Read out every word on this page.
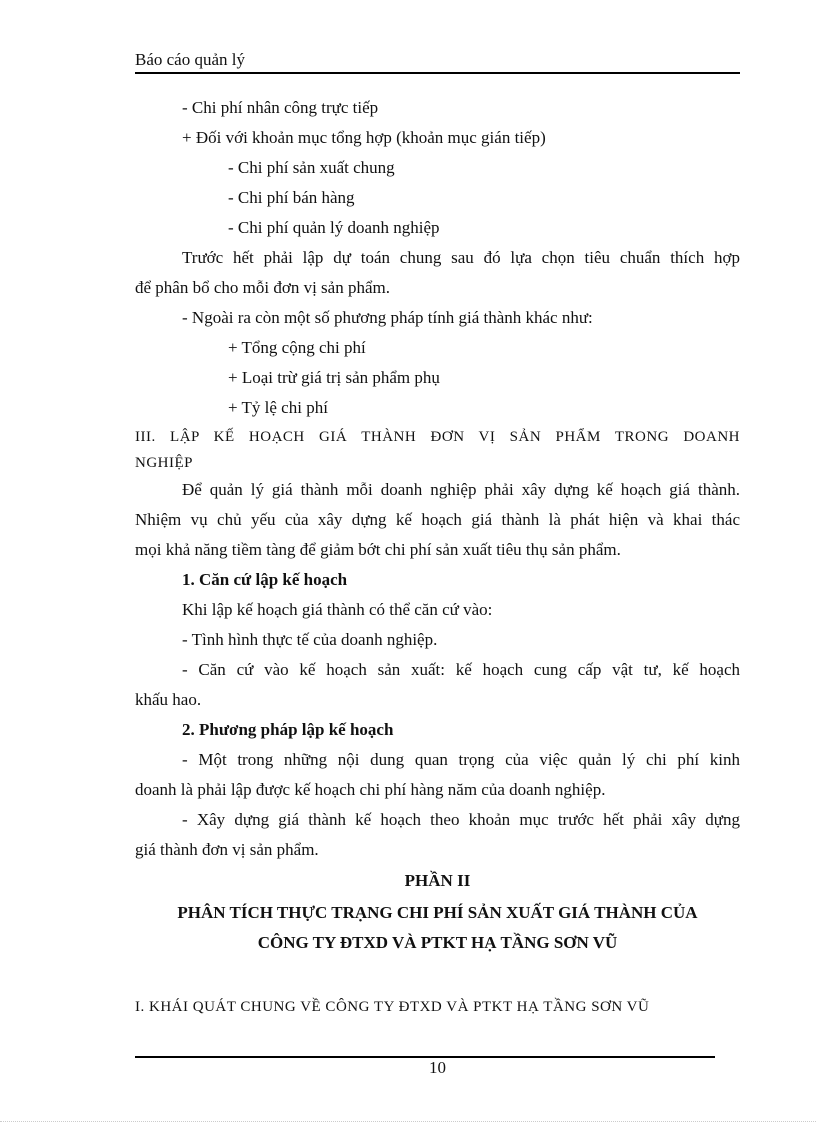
Báo cáo quản lý
- Chi phí nhân công trực tiếp
+ Đối với khoản mục tổng hợp (khoản mục gián tiếp)
- Chi phí sản xuất chung
- Chi phí bán hàng
- Chi phí quản lý doanh nghiệp
Trước hết phải lập dự toán chung sau đó lựa chọn tiêu chuẩn thích hợp
để phân bổ cho mỗi đơn vị sản phẩm.
- Ngoài ra còn một số phương pháp tính giá thành khác như:
+ Tổng cộng chi phí
+ Loại trừ giá trị sản phẩm phụ
+ Tỷ lệ chi phí
III. LẬP KẾ HOẠCH GIÁ THÀNH ĐƠN VỊ SẢN PHẨM TRONG DOANH
NGHIỆP
Để quản lý giá thành mỗi doanh nghiệp phải xây dựng kế hoạch giá thành.
Nhiệm vụ chủ yếu của xây dựng kế hoạch giá thành là phát hiện và khai thác
mọi khả năng tiềm tàng để giảm bớt chi phí sản xuất tiêu thụ sản phẩm.
1. Căn cứ lập kế hoạch
Khi lập kế hoạch giá thành có thể căn cứ vào:
- Tình hình thực tế của doanh nghiệp.
- Căn cứ vào kế hoạch sản xuất: kế hoạch cung cấp vật tư, kế hoạch
khấu hao.
2. Phương pháp lập kế hoạch
- Một trong những nội dung quan trọng của việc quản lý chi phí kinh
doanh là phải lập được kế hoạch chi phí hàng năm của doanh nghiệp.
- Xây dựng giá thành kế hoạch theo khoản mục trước hết phải xây dựng
giá thành đơn vị sản phẩm.
PHẦN II
PHÂN TÍCH THỰC TRẠNG CHI PHÍ SẢN XUẤT GIÁ THÀNH CỦA
CÔNG TY ĐTXD VÀ PTKT HẠ TẦNG SƠN VŨ
I. KHÁI QUÁT CHUNG VỀ CÔNG TY ĐTXD VÀ PTKT HẠ TẦNG SƠN VŨ
10
